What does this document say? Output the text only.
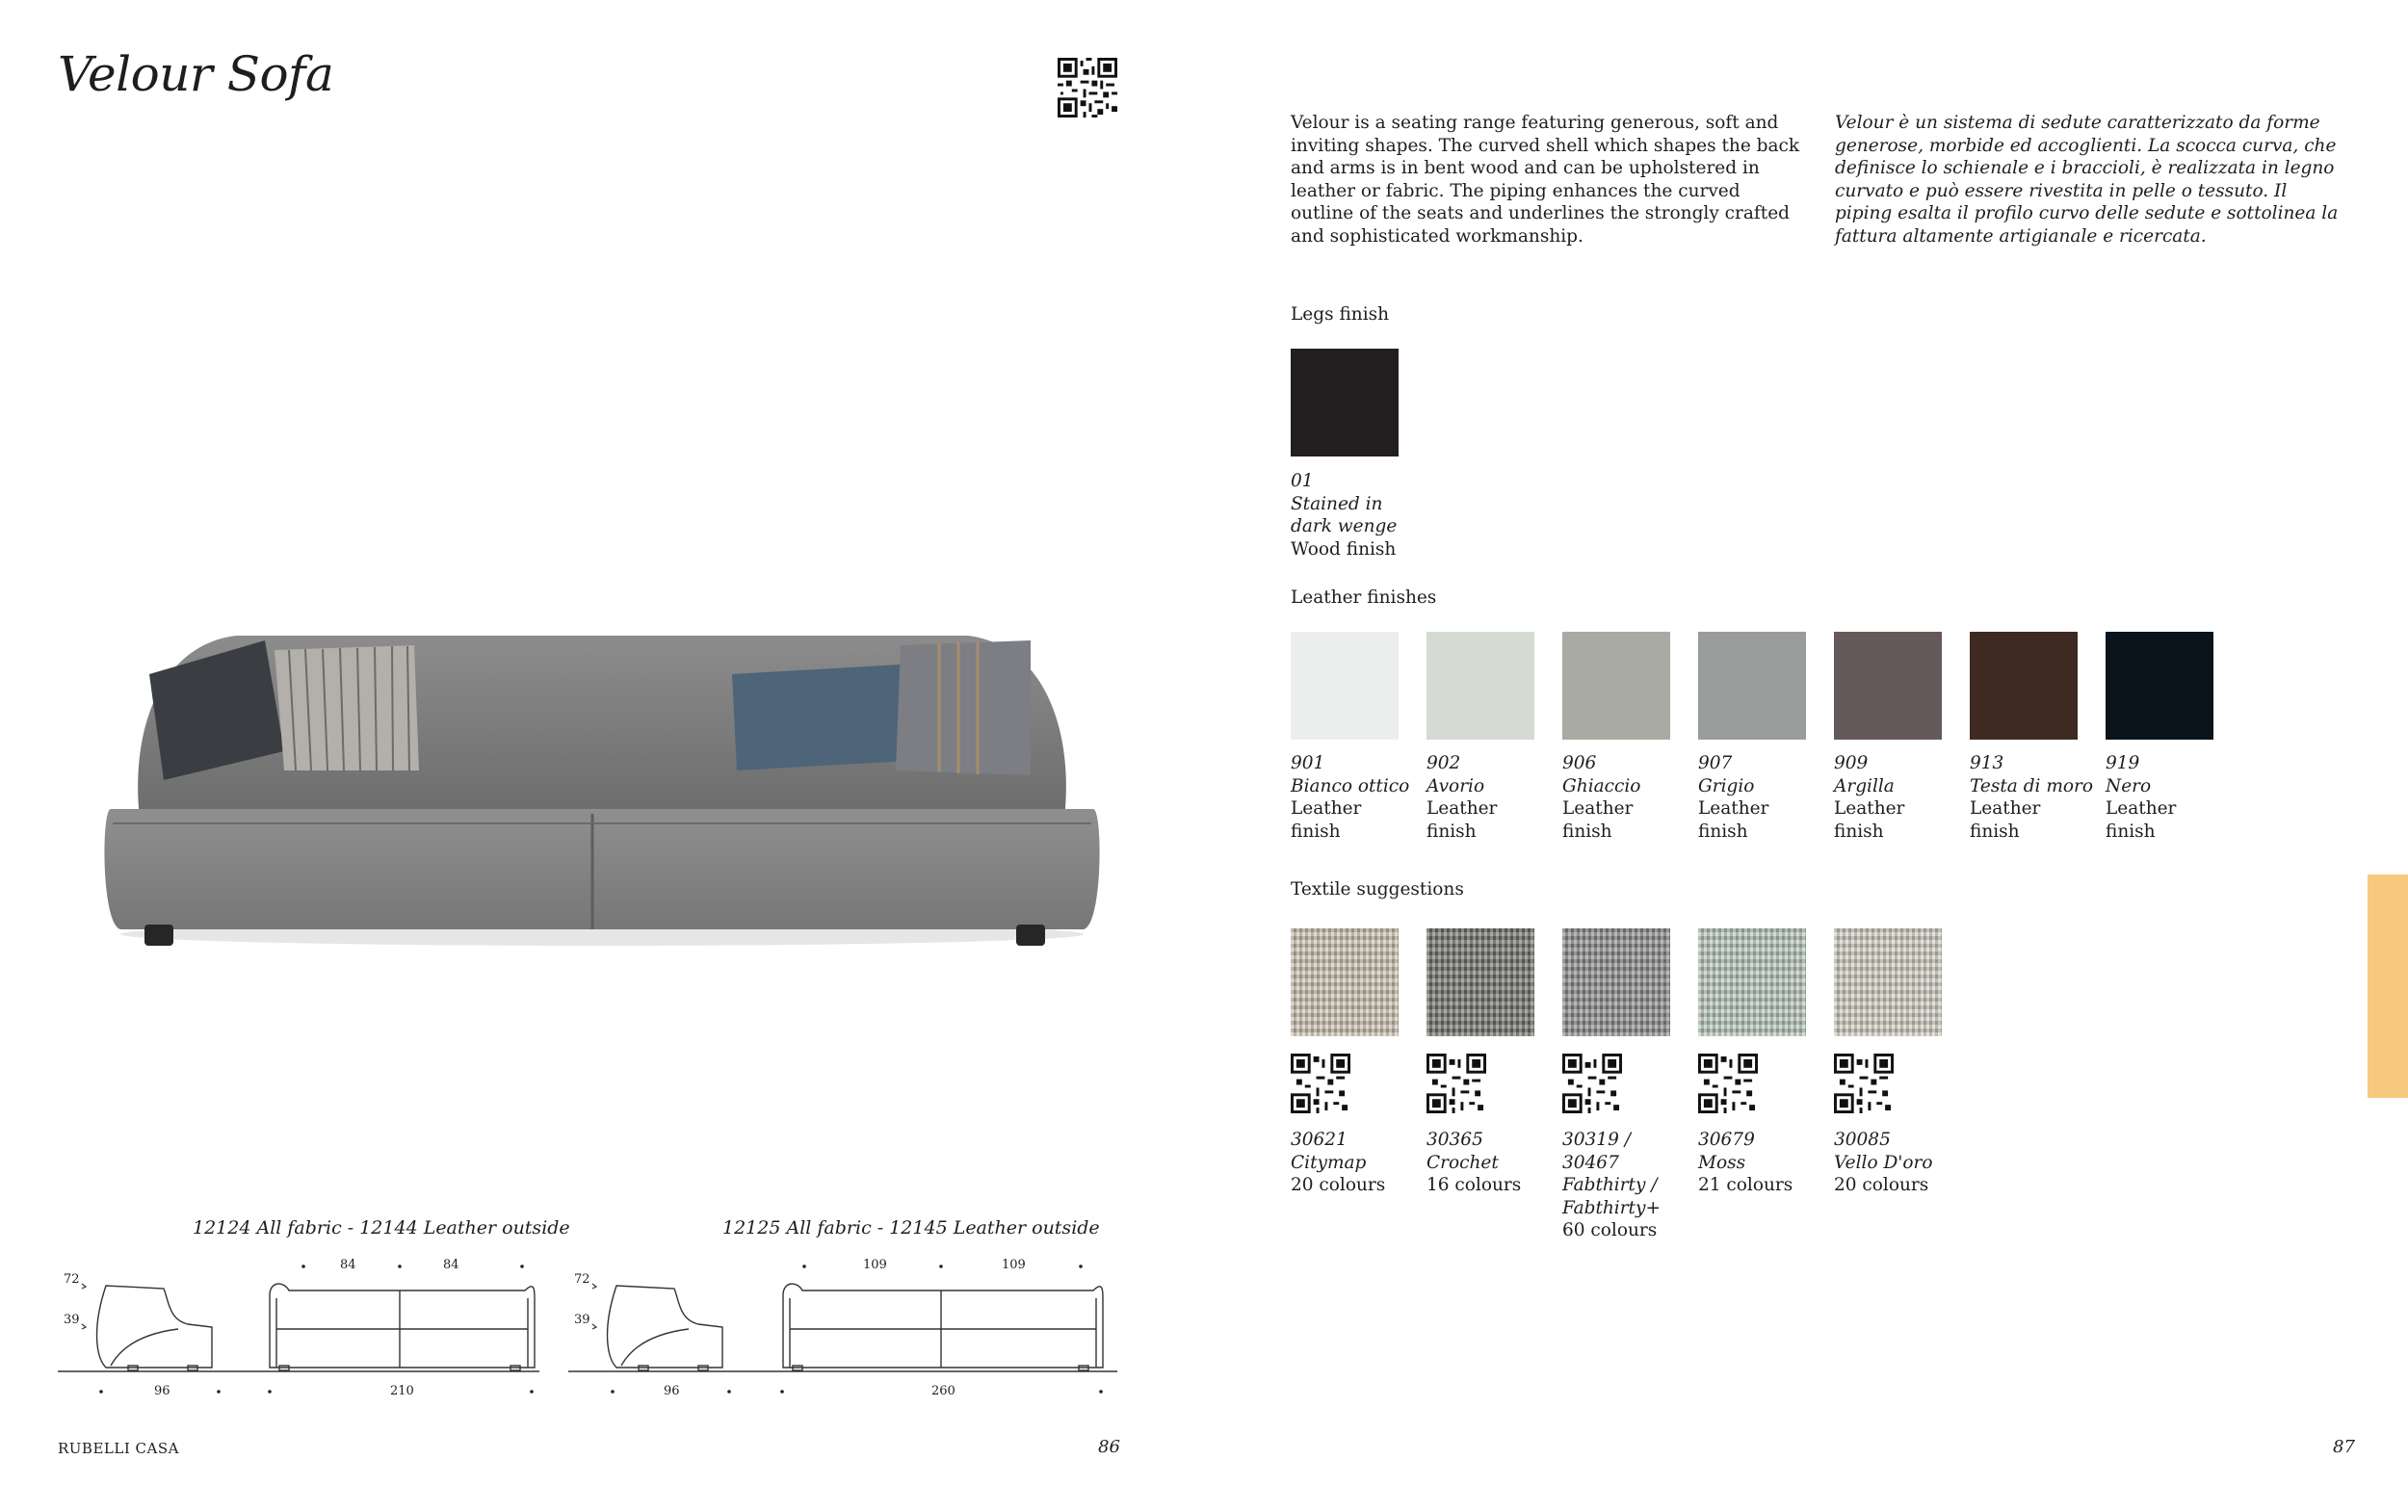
Velour Sofa
Velour is a seating range featuring generous, soft and inviting shapes. The curved shell which shapes the back and arms is in bent wood and can be upholstered in leather or fabric. The piping enhances the curved outline of the seats and underlines the strongly crafted and sophisticated workmanship.
Velour è un sistema di sedute caratterizzato da forme generose, morbide ed accoglienti. La scocca curva, che definisce lo schienale e i braccioli, è realizzata in legno curvato e può essere rivestita in pelle o tessuto. Il piping esalta il profilo curvo delle sedute e sottolinea la fattura altamente artigianale e ricercata.
Legs finish
01
Stained in
dark wenge
Wood finish
Leather finishes
901
Bianco ottico
Leather
finish
902
Avorio
Leather
finish
906
Ghiaccio
Leather
finish
907
Grigio
Leather
finish
909
Argilla
Leather
finish
913
Testa di moro
Leather
finish
919
Nero
Leather
finish
Textile suggestions
30621
Citymap
20 colours
30365
Crochet
16 colours
30319 / 30467
Fabthirty /
Fabthirty+
60 colours
30679
Moss
21 colours
30085
Vello D'oro
20 colours
12124 All fabric - 12144 Leather outside	12125 All fabric - 12145 Leather outside
72
39
96
84	84
210
72
39
96
109	109
260
RUBELLI CASA	86	87
